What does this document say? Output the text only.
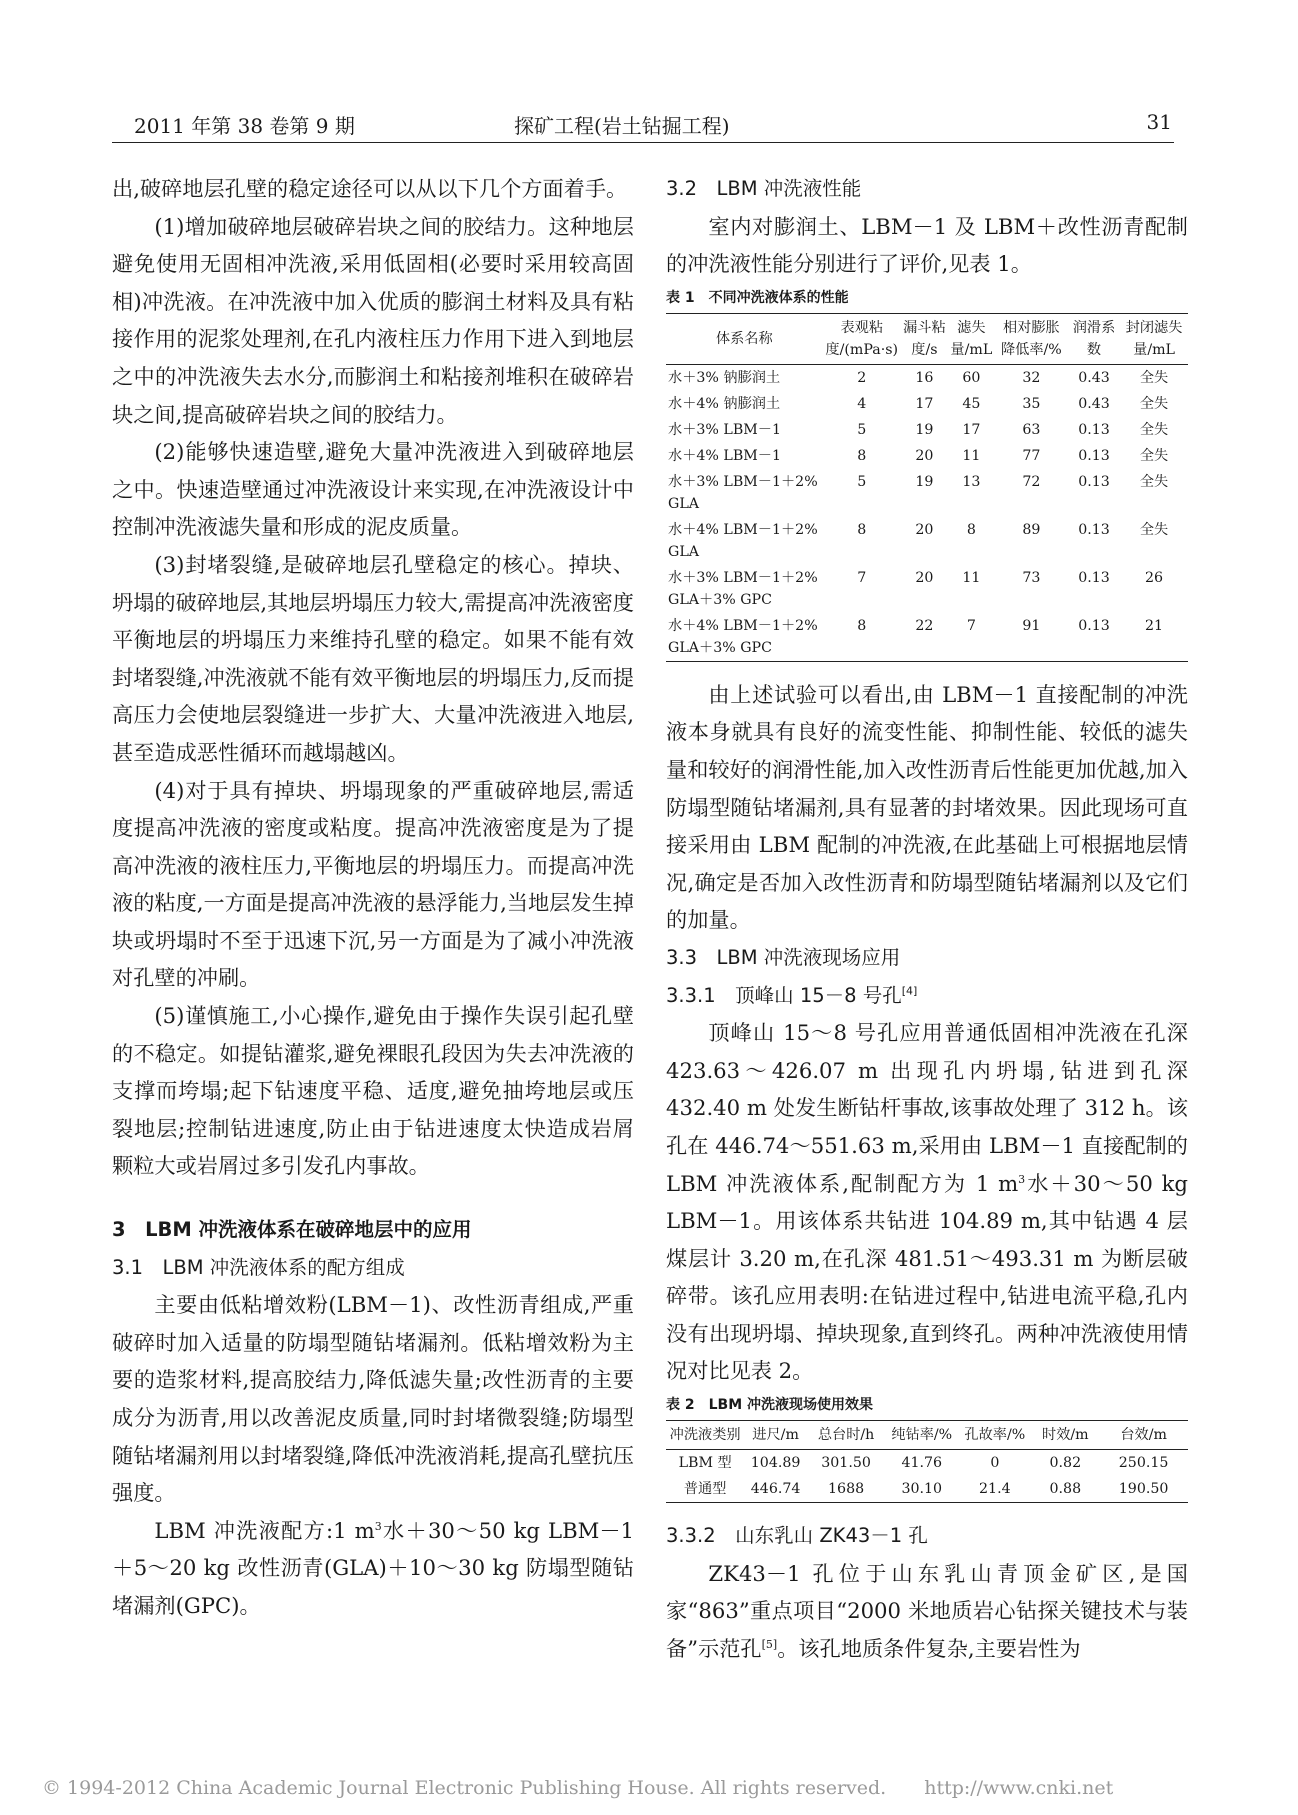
2011 年第 38 卷第 9 期	探矿工程(岩土钻掘工程)	31

出,破碎地层孔壁的稳定途径可以从以下几个方面着手。

(1)增加破碎地层破碎岩块之间的胶结力。这种地层避免使用无固相冲洗液,采用低固相(必要时采用较高固相)冲洗液。在冲洗液中加入优质的膨润土材料及具有粘接作用的泥浆处理剂,在孔内液柱压力作用下进入到地层之中的冲洗液失去水分,而膨润土和粘接剂堆积在破碎岩块之间,提高破碎岩块之间的胶结力。

(2)能够快速造壁,避免大量冲洗液进入到破碎地层之中。快速造壁通过冲洗液设计来实现,在冲洗液设计中控制冲洗液滤失量和形成的泥皮质量。

(3)封堵裂缝,是破碎地层孔壁稳定的核心。掉块、坍塌的破碎地层,其地层坍塌压力较大,需提高冲洗液密度平衡地层的坍塌压力来维持孔壁的稳定。如果不能有效封堵裂缝,冲洗液就不能有效平衡地层的坍塌压力,反而提高压力会使地层裂缝进一步扩大、大量冲洗液进入地层,甚至造成恶性循环而越塌越凶。

(4)对于具有掉块、坍塌现象的严重破碎地层,需适度提高冲洗液的密度或粘度。提高冲洗液密度是为了提高冲洗液的液柱压力,平衡地层的坍塌压力。而提高冲洗液的粘度,一方面是提高冲洗液的悬浮能力,当地层发生掉块或坍塌时不至于迅速下沉,另一方面是为了减小冲洗液对孔壁的冲刷。

(5)谨慎施工,小心操作,避免由于操作失误引起孔壁的不稳定。如提钻灌浆,避免裸眼孔段因为失去冲洗液的支撑而垮塌;起下钻速度平稳、适度,避免抽垮地层或压裂地层;控制钻进速度,防止由于钻进速度太快造成岩屑颗粒大或岩屑过多引发孔内事故。

3　LBM 冲洗液体系在破碎地层中的应用

3.1　LBM 冲洗液体系的配方组成

主要由低粘增效粉(LBM－1)、改性沥青组成,严重破碎时加入适量的防塌型随钻堵漏剂。低粘增效粉为主要的造浆材料,提高胶结力,降低滤失量;改性沥青的主要成分为沥青,用以改善泥皮质量,同时封堵微裂缝;防塌型随钻堵漏剂用以封堵裂缝,降低冲洗液消耗,提高孔壁抗压强度。

LBM 冲洗液配方:1 $m^3$水＋30～50 kg LBM－1＋5～20 kg 改性沥青(GLA)＋10～30 kg 防塌型随钻堵漏剂(GPC)。

3.2　LBM 冲洗液性能

室内对膨润土、LBM－1 及 LBM＋改性沥青配制的冲洗液性能分别进行了评价,见表 1。

表 1　不同冲洗液体系的性能

体系名称	表观粘度/(mPa·s)	漏斗粘度/s	滤失量/mL	相对膨胀降低率/%	润滑系数	封闭滤失量/mL
水＋3% 钠膨润土	2	16	60	32	0.43	全失
水＋4% 钠膨润土	4	17	45	35	0.43	全失
水＋3% LBM－1	5	19	17	63	0.13	全失
水＋4% LBM－1	8	20	11	77	0.13	全失
水＋3% LBM－1＋2% GLA	5	19	13	72	0.13	全失
水＋4% LBM－1＋2% GLA	8	20	8	89	0.13	全失
水＋3% LBM－1＋2% GLA＋3% GPC	7	20	11	73	0.13	26
水＋4% LBM－1＋2% GLA＋3% GPC	8	22	7	91	0.13	21

由上述试验可以看出,由 LBM－1 直接配制的冲洗液本身就具有良好的流变性能、抑制性能、较低的滤失量和较好的润滑性能,加入改性沥青后性能更加优越,加入防塌型随钻堵漏剂,具有显著的封堵效果。因此现场可直接采用由 LBM 配制的冲洗液,在此基础上可根据地层情况,确定是否加入改性沥青和防塌型随钻堵漏剂以及它们的加量。

3.3　LBM 冲洗液现场应用

3.3.1　顶峰山 15－8 号孔[4]

顶峰山 15～8 号孔应用普通低固相冲洗液在孔深 423.63～426.07 m 出现孔内坍塌,钻进到孔深 432.40 m 处发生断钻杆事故,该事故处理了 312 h。该孔在 446.74～551.63 m,采用由 LBM－1 直接配制的 LBM 冲洗液体系,配制配方为 1 $m^3$水＋30～50 kg LBM－1。用该体系共钻进 104.89 m,其中钻遇 4 层煤层计 3.20 m,在孔深 481.51～493.31 m 为断层破碎带。该孔应用表明:在钻进过程中,钻进电流平稳,孔内没有出现坍塌、掉块现象,直到终孔。两种冲洗液使用情况对比见表 2。

表 2　LBM 冲洗液现场使用效果

冲洗液类别	进尺/m	总台时/h	纯钻率/%	孔故率/%	时效/m	台效/m
LBM 型	104.89	301.50	41.76	0	0.82	250.15
普通型	446.74	1688	30.10	21.4	0.88	190.50

3.3.2　山东乳山 ZK43－1 孔

ZK43－1 孔位于山东乳山青顶金矿区,是国家“863”重点项目“2000 米地质岩心钻探关键技术与装备”示范孔[5]。该孔地质条件复杂,主要岩性为

© 1994-2012 China Academic Journal Electronic Publishing House. All rights reserved.　　http://www.cnki.net
